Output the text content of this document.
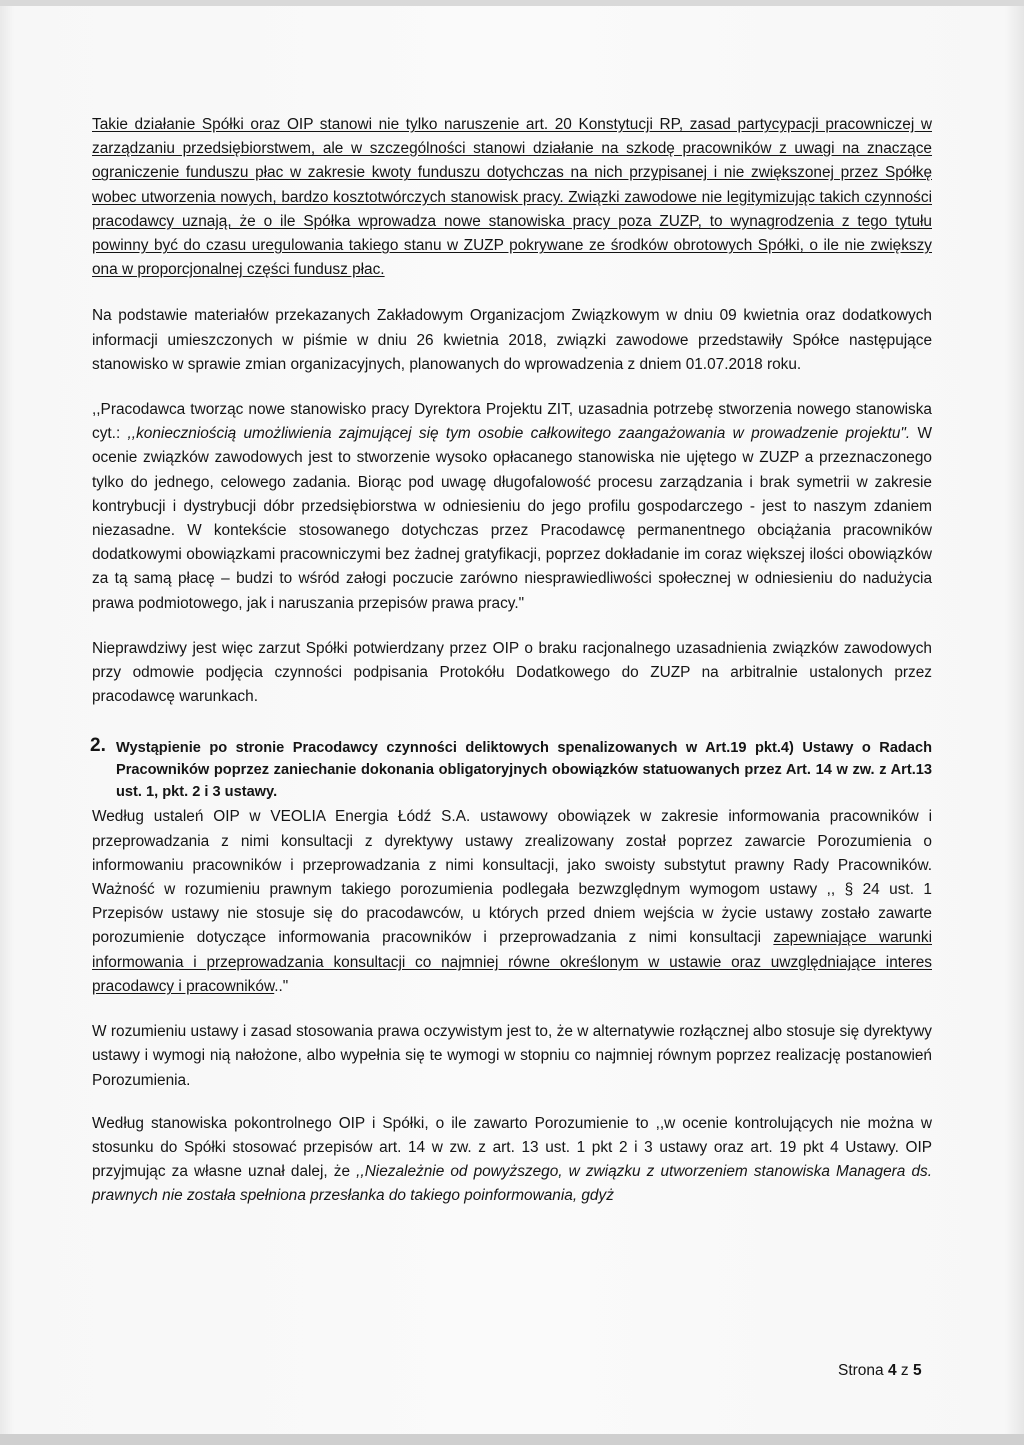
Takie działanie Spółki oraz OIP stanowi nie tylko naruszenie art. 20 Konstytucji RP, zasad partycypacji pracowniczej w zarządzaniu przedsiębiorstwem, ale w szczególności stanowi działanie na szkodę pracowników z uwagi na znaczące ograniczenie funduszu płac w zakresie kwoty funduszu dotychczas na nich przypisanej i nie zwiększonej przez Spółkę wobec utworzenia nowych, bardzo kosztotwórczych stanowisk pracy. Związki zawodowe nie legitymizując takich czynności pracodawcy uznają, że o ile Spółka wprowadza nowe stanowiska pracy poza ZUZP, to wynagrodzenia z tego tytułu powinny być do czasu uregulowania takiego stanu w ZUZP pokrywane ze środków obrotowych Spółki, o ile nie zwiększy ona w proporcjonalnej części fundusz płac.

Na podstawie materiałów przekazanych Zakładowym Organizacjom Związkowym w dniu 09 kwietnia oraz dodatkowych informacji umieszczonych w piśmie w dniu 26 kwietnia 2018, związki zawodowe przedstawiły Spółce następujące stanowisko w sprawie zmian organizacyjnych, planowanych do wprowadzenia z dniem 01.07.2018 roku.

,,Pracodawca tworząc nowe stanowisko pracy Dyrektora Projektu ZIT, uzasadnia potrzebę stworzenia nowego stanowiska cyt.: ,,konieczniością umożliwienia zajmującej się tym osobie całkowitego zaangażowania w prowadzenie projektu". W ocenie związków zawodowych jest to stworzenie wysoko opłacanego stanowiska nie ujętego w ZUZP a przeznaczonego tylko do jednego, celowego zadania. Biorąc pod uwagę długofalowość procesu zarządzania i brak symetrii w zakresie kontrybucji i dystrybucji dóbr przedsiębiorstwa w odniesieniu do jego profilu gospodarczego - jest to naszym zdaniem niezasadne. W kontekście stosowanego dotychczas przez Pracodawcę permanentnego obciążania pracowników dodatkowymi obowiązkami pracowniczymi bez żadnej gratyfikacji, poprzez dokładanie im coraz większej ilości obowiązków za tą samą płacę – budzi to wśród załogi poczucie zarówno niesprawiedliwości społecznej w odniesieniu do nadużycia prawa podmiotowego, jak i naruszania przepisów prawa pracy."

Nieprawdziwy jest więc zarzut Spółki potwierdzany przez OIP o braku racjonalnego uzasadnienia związków zawodowych przy odmowie podjęcia czynności podpisania Protokółu Dodatkowego do ZUZP na arbitralnie ustalonych przez pracodawcę warunkach.

2. Wystąpienie po stronie Pracodawcy czynności deliktowych spenalizowanych w Art.19 pkt.4) Ustawy o Radach Pracowników poprzez zaniechanie dokonania obligatoryjnych obowiązków statuowanych przez Art. 14 w zw. z Art.13 ust. 1, pkt. 2 i 3 ustawy.

Według ustaleń OIP w VEOLIA Energia Łódź S.A. ustawowy obowiązek w zakresie informowania pracowników i przeprowadzania z nimi konsultacji z dyrektywy ustawy zrealizowany został poprzez zawarcie Porozumienia o informowaniu pracowników i przeprowadzania z nimi konsultacji, jako swoisty substytut prawny Rady Pracowników. Ważność w rozumieniu prawnym takiego porozumienia podlegała bezwzględnym wymogom ustawy ,, § 24 ust. 1 Przepisów ustawy nie stosuje się do pracodawców, u których przed dniem wejścia w życie ustawy zostało zawarte porozumienie dotyczące informowania pracowników i przeprowadzania z nimi konsultacji zapewniające warunki informowania i przeprowadzania konsultacji co najmniej równe określonym w ustawie oraz uwzględniające interes pracodawcy i pracowników.."

W rozumieniu ustawy i zasad stosowania prawa oczywistym jest to, że w alternatywie rozłącznej albo stosuje się dyrektywy ustawy i wymogi nią nałożone, albo wypełnia się te wymogi w stopniu co najmniej równym poprzez realizację postanowień Porozumienia.

Według stanowiska pokontrolnego OIP i Spółki, o ile zawarto Porozumienie to ,,w ocenie kontrolujących nie można w stosunku do Spółki stosować przepisów art. 14 w zw. z art. 13 ust. 1 pkt 2 i 3 ustawy oraz art. 19 pkt 4 Ustawy. OIP przyjmując za własne uznał dalej, że ,,Niezależnie od powyższego, w związku z utworzeniem stanowiska Managera ds. prawnych nie została spełniona przesłanka do takiego poinformowania, gdyż

Strona 4 z 5
